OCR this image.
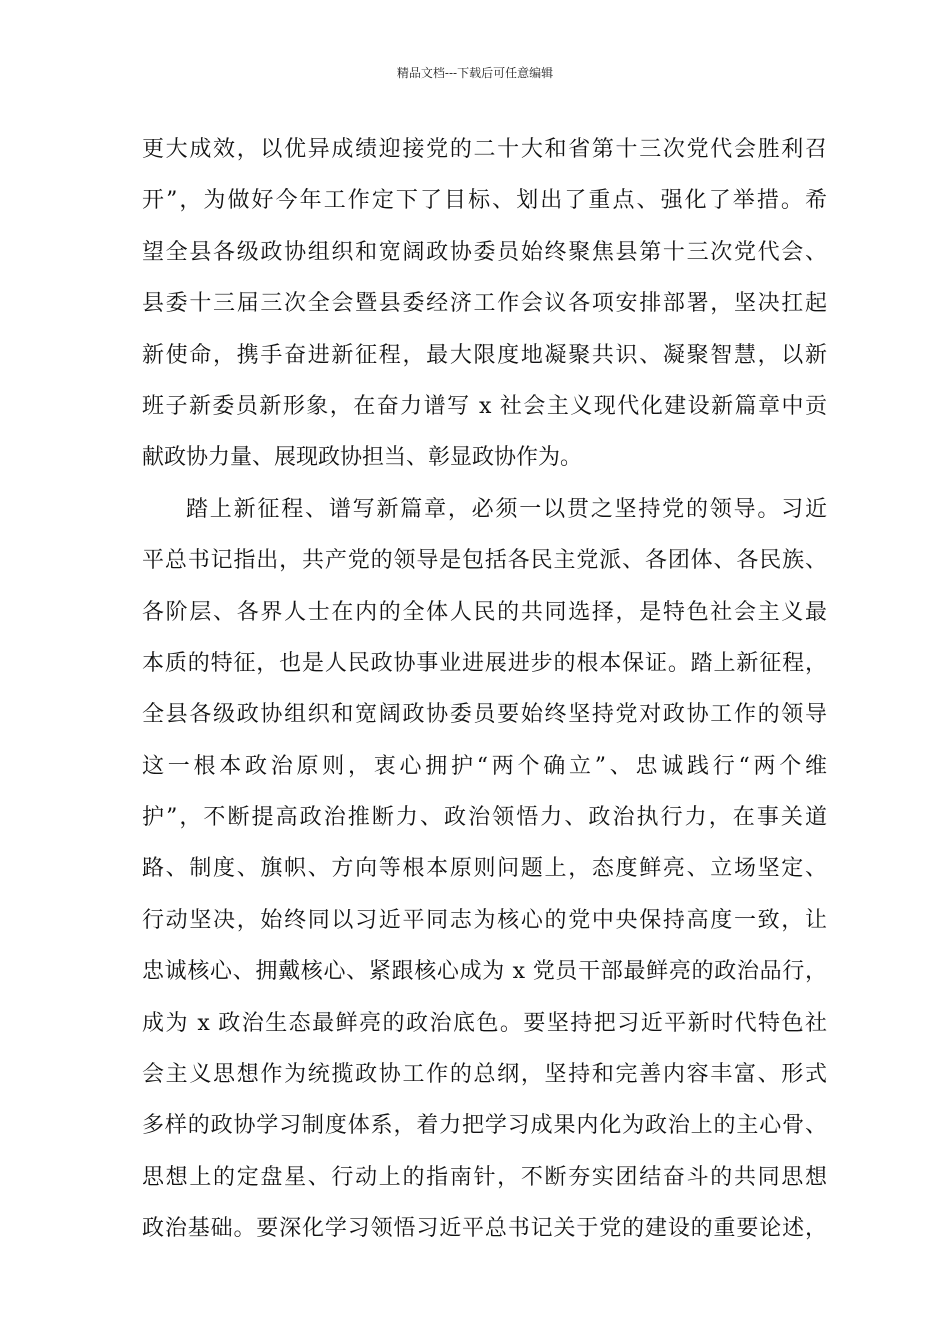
精品文档---下载后可任意编辑
更大成效，以优异成绩迎接党的二十大和省第十三次党代会胜利召
开”，为做好今年工作定下了目标、划出了重点、强化了举措。希
望全县各级政协组织和宽阔政协委员始终聚焦县第十三次党代会、
县委十三届三次全会暨县委经济工作会议各项安排部署，坚决扛起
新使命，携手奋进新征程，最大限度地凝聚共识、凝聚智慧，以新
班子新委员新形象，在奋力谱写 x 社会主义现代化建设新篇章中贡
献政协力量、展现政协担当、彰显政协作为。
踏上新征程、谱写新篇章，必须一以贯之坚持党的领导。习近
平总书记指出，共产党的领导是包括各民主党派、各团体、各民族、
各阶层、各界人士在内的全体人民的共同选择，是特色社会主义最
本质的特征，也是人民政协事业进展进步的根本保证。踏上新征程，
全县各级政协组织和宽阔政协委员要始终坚持党对政协工作的领导
这一根本政治原则，衷心拥护“两个确立”、忠诚践行“两个维
护”，不断提高政治推断力、政治领悟力、政治执行力，在事关道
路、制度、旗帜、方向等根本原则问题上，态度鲜亮、立场坚定、
行动坚决，始终同以习近平同志为核心的党中央保持高度一致，让
忠诚核心、拥戴核心、紧跟核心成为 x 党员干部最鲜亮的政治品行，
成为 x 政治生态最鲜亮的政治底色。要坚持把习近平新时代特色社
会主义思想作为统揽政协工作的总纲，坚持和完善内容丰富、形式
多样的政协学习制度体系，着力把学习成果内化为政治上的主心骨、
思想上的定盘星、行动上的指南针，不断夯实团结奋斗的共同思想
政治基础。要深化学习领悟习近平总书记关于党的建设的重要论述，
